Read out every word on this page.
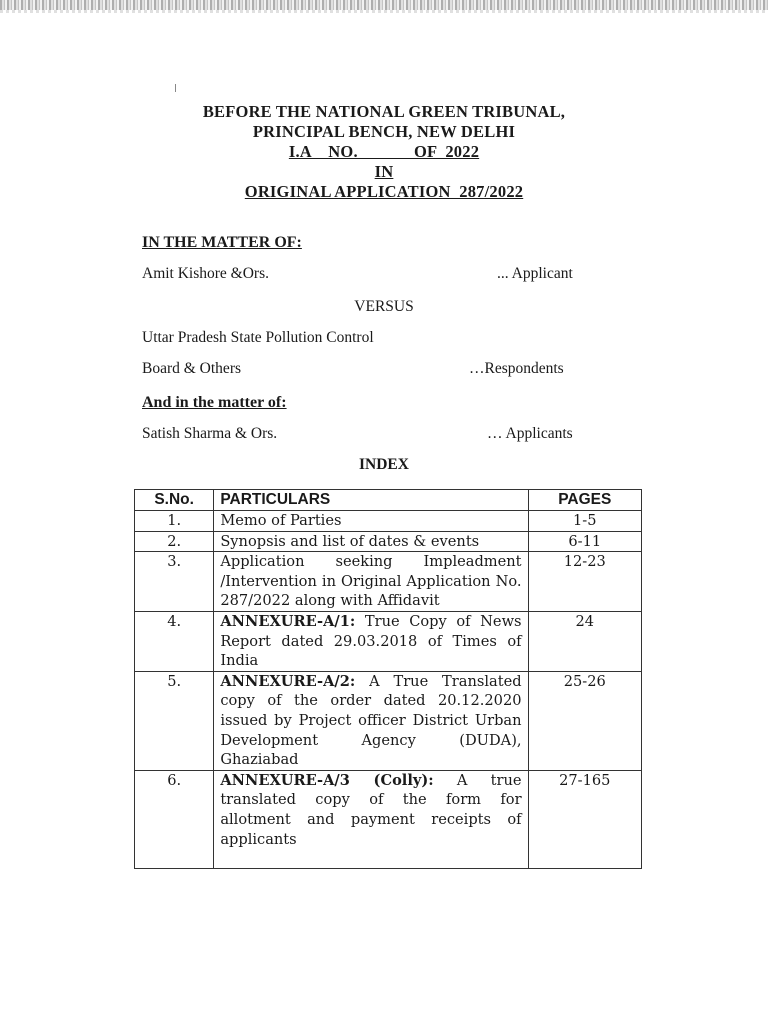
BEFORE THE NATIONAL GREEN TRIBUNAL,
PRINCIPAL BENCH, NEW DELHI
I.A    NO.             OF  2022
IN
ORIGINAL APPLICATION  287/2022
IN THE MATTER OF:
Amit Kishore &Ors.	... Applicant
VERSUS
Uttar Pradesh State Pollution Control
Board & Others	…Respondents
And in the matter of:
Satish Sharma & Ors.	… Applicants
INDEX
S.No.	PARTICULARS	PAGES
1.	Memo of Parties	1-5
2.	Synopsis and list of dates & events	6-11
3.	Application seeking Impleadment /Intervention in Original Application No. 287/2022 along with Affidavit	12-23
4.	ANNEXURE-A/1: True Copy of News Report dated 29.03.2018 of Times of India	24
5.	ANNEXURE-A/2: A True Translated copy of the order dated 20.12.2020 issued by Project officer District Urban Development Agency (DUDA), Ghaziabad	25-26
6.	ANNEXURE-A/3 (Colly): A true translated copy of the form for allotment and payment receipts of applicants	27-165
